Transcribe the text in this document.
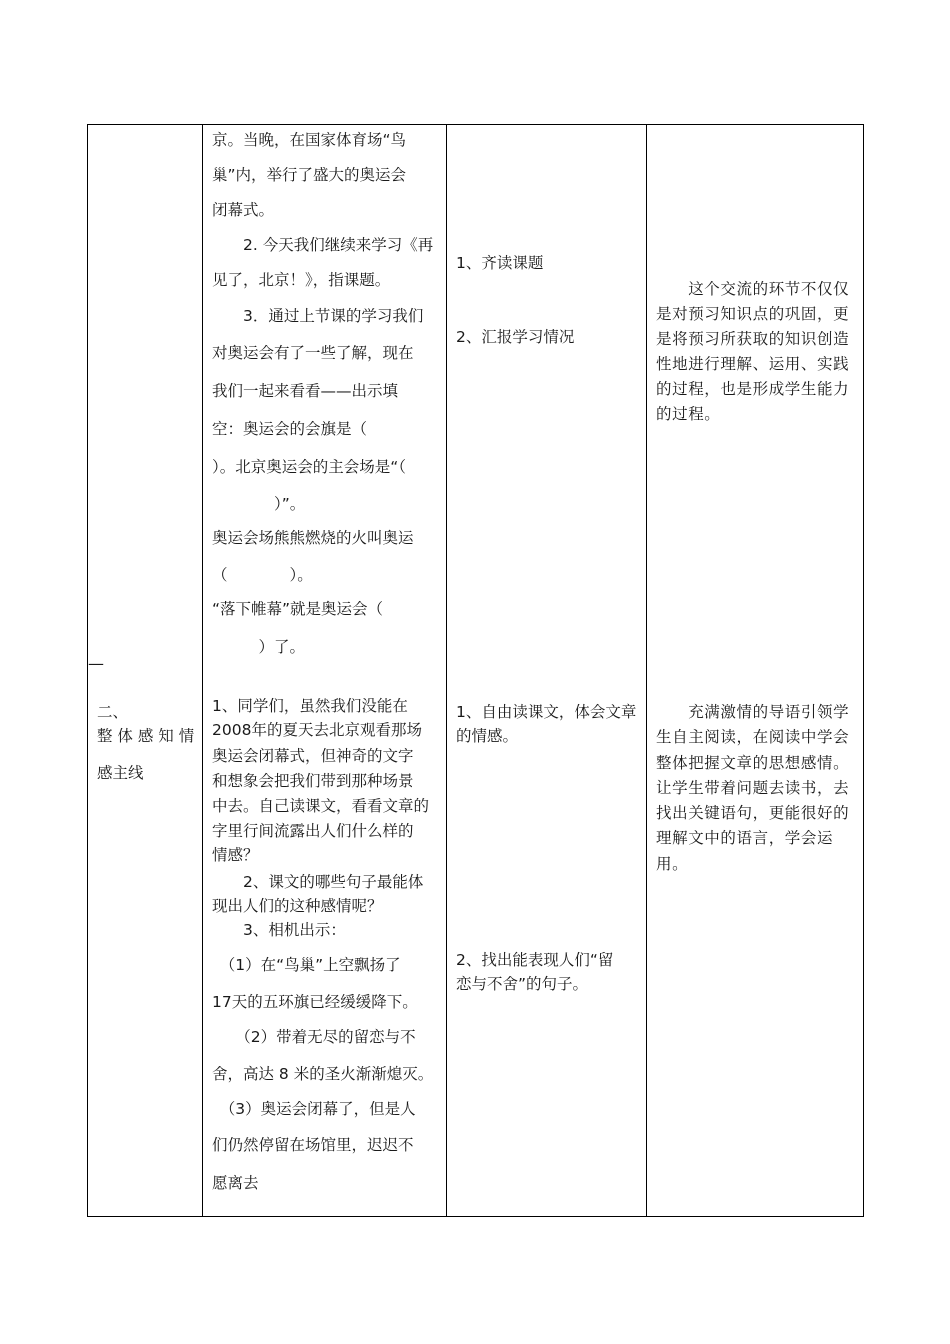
—
二、
整 体 感 知 情
感主线
京。当晚，在国家体育场“鸟
巢”内，举行了盛大的奥运会
闭幕式。
　　2. 今天我们继续来学习《再
见了，北京！》，指课题。
　　3．通过上节课的学习我们
对奥运会有了一些了解，现在
我们一起来看看——出示填
空：奥运会的会旗是（
）。北京奥运会的主会场是“（
　　　　）”。
奥运会场熊熊燃烧的火叫奥运
（　　　　）。
“落下帷幕”就是奥运会（
　　　）了。
1、同学们，虽然我们没能在
2008年的夏天去北京观看那场
奥运会闭幕式，但神奇的文字
和想象会把我们带到那种场景
中去。自己读课文，看看文章的
字里行间流露出人们什么样的
情感？
　　2、课文的哪些句子最能体
现出人们的这种感情呢？
　　3、相机出示：
　（1）在“鸟巢”上空飘扬了
17天的五环旗已经缓缓降下。
　　（2）带着无尽的留恋与不
舍，高达 8 米的圣火渐渐熄灭。
　（3）奥运会闭幕了，但是人
们仍然停留在场馆里，迟迟不
愿离去
1、齐读课题
2、汇报学习情况
1、自由读课文，体会文章
的情感。
2、找出能表现人们“留
恋与不舍”的句子。
　　这个交流的环节不仅仅是对预习知识点的巩固，更是将预习所获取的知识创造性地进行理解、运用、实践的过程，也是形成学生能力的过程。
　　充满激情的导语引领学生自主阅读，在阅读中学会整体把握文章的思想感情。让学生带着问题去读书，去找出关键语句，更能很好的理解文中的语言，学会运用。
